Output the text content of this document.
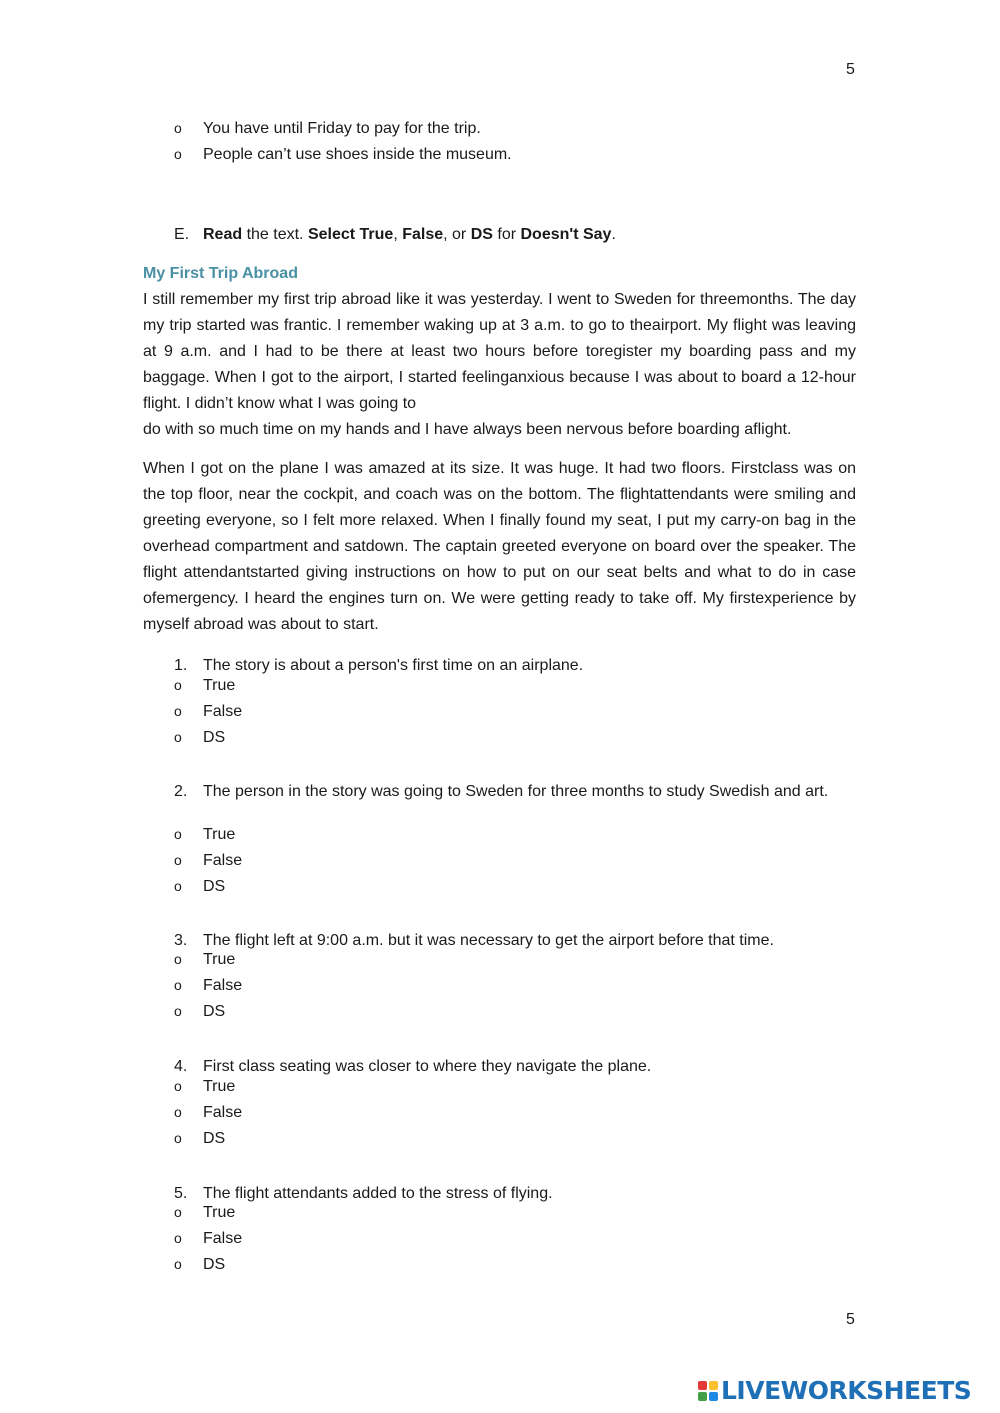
5
o You have until Friday to pay for the trip.
o People can’t use shoes inside the museum.
E. Read the text. Select True, False, or DS for Doesn't Say.
My First Trip Abroad
I still remember my first trip abroad like it was yesterday. I went to Sweden for threemonths. The day my trip started was frantic. I remember waking up at 3 a.m. to go to theairport. My flight was leaving at 9 a.m. and I had to be there at least two hours before toregister my boarding pass and my baggage. When I got to the airport, I started feelinganxious because I was about to board a 12-hour flight. I didn’t know what I was going to
do with so much time on my hands and I have always been nervous before boarding aflight.
When I got on the plane I was amazed at its size. It was huge. It had two floors. Firstclass was on the top floor, near the cockpit, and coach was on the bottom. The flightattendants were smiling and greeting everyone, so I felt more relaxed. When I finally found my seat, I put my carry-on bag in the overhead compartment and satdown. The captain greeted everyone on board over the speaker. The flight attendantstarted giving instructions on how to put on our seat belts and what to do in case ofemergency. I heard the engines turn on. We were getting ready to take off. My firstexperience by myself abroad was about to start.
1. The story is about a person's first time on an airplane.
o True
o False
o DS
2. The person in the story was going to Sweden for three months to study Swedish and art.
o True
o False
o DS
3. The flight left at 9:00 a.m. but it was necessary to get the airport before that time.
o True
o False
o DS
4. First class seating was closer to where they navigate the plane.
o True
o False
o DS
5. The flight attendants added to the stress of flying.
o True
o False
o DS
5
LIVEWORKSHEETS
